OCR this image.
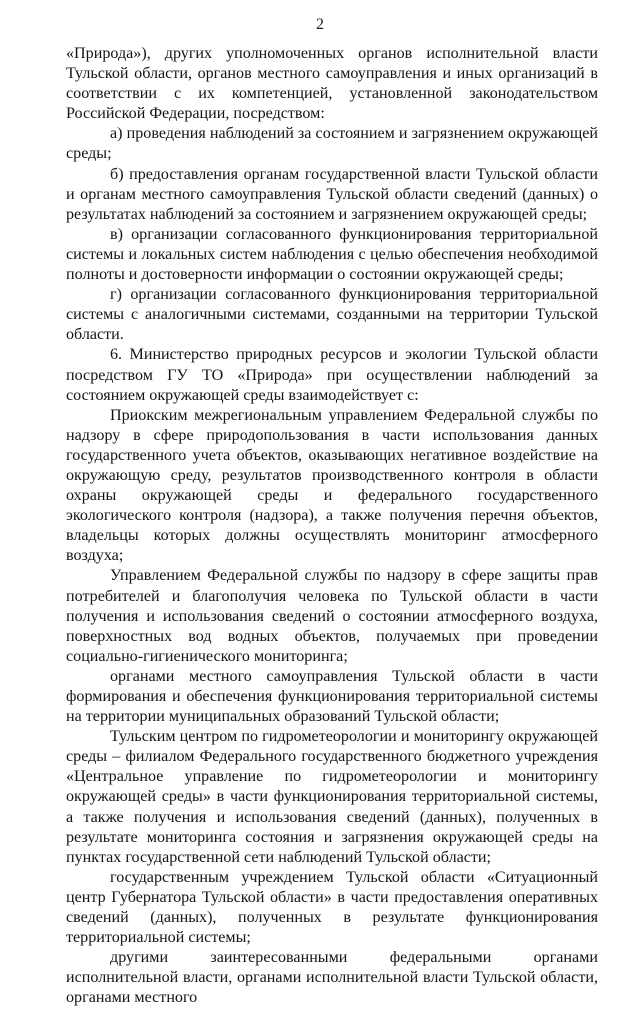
2

«Природа»), других уполномоченных органов исполнительной власти Тульской области, органов местного самоуправления и иных организаций в соответствии с их компетенцией, установленной законодательством Российской Федерации, посредством:

а) проведения наблюдений за состоянием и загрязнением окружающей среды;

б) предоставления органам государственной власти Тульской области и органам местного самоуправления Тульской области сведений (данных) о результатах наблюдений за состоянием и загрязнением окружающей среды;

в) организации согласованного функционирования территориальной системы и локальных систем наблюдения с целью обеспечения необходимой полноты и достоверности информации о состоянии окружающей среды;

г) организации согласованного функционирования территориальной системы с аналогичными системами, созданными на территории Тульской области.

6. Министерство природных ресурсов и экологии Тульской области посредством ГУ ТО «Природа» при осуществлении наблюдений за состоянием окружающей среды взаимодействует с:

Приокским межрегиональным управлением Федеральной службы по надзору в сфере природопользования в части использования данных государственного учета объектов, оказывающих негативное воздействие на окружающую среду, результатов производственного контроля в области охраны окружающей среды и федерального государственного экологического контроля (надзора), а также получения перечня объектов, владельцы которых должны осуществлять мониторинг атмосферного воздуха;

Управлением Федеральной службы по надзору в сфере защиты прав потребителей и благополучия человека по Тульской области в части получения и использования сведений о состоянии атмосферного воздуха, поверхностных вод водных объектов, получаемых при проведении социально-гигиенического мониторинга;

органами местного самоуправления Тульской области в части формирования и обеспечения функционирования территориальной системы на территории муниципальных образований Тульской области;

Тульским центром по гидрометеорологии и мониторингу окружающей среды – филиалом Федерального государственного бюджетного учреждения «Центральное управление по гидрометеорологии и мониторингу окружающей среды» в части функционирования территориальной системы, а также получения и использования сведений (данных), полученных в результате мониторинга состояния и загрязнения окружающей среды на пунктах государственной сети наблюдений Тульской области;

государственным учреждением Тульской области «Ситуационный центр Губернатора Тульской области» в части предоставления оперативных сведений (данных), полученных в результате функционирования территориальной системы;

другими заинтересованными федеральными органами исполнительной власти, органами исполнительной власти Тульской области, органами местного
